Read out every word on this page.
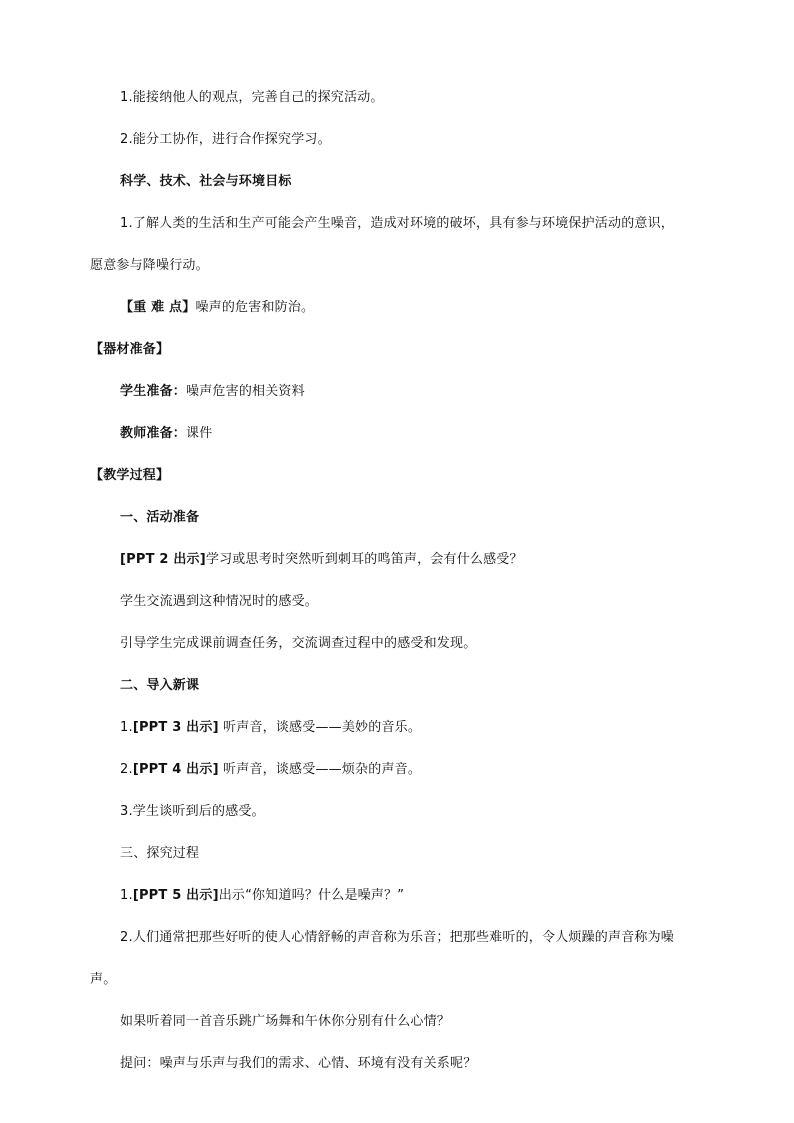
1.能接纳他人的观点，完善自己的探究活动。
2.能分工协作，进行合作探究学习。
科学、技术、社会与环境目标
1.了解人类的生活和生产可能会产生噪音，造成对环境的破坏，具有参与环境保护活动的意识，
愿意参与降噪行动。
【重 难 点】噪声的危害和防治。
【器材准备】
学生准备：噪声危害的相关资料
教师准备：课件
【教学过程】
一、活动准备
[PPT 2 出示]学习或思考时突然听到刺耳的鸣笛声，会有什么感受？
学生交流遇到这种情况时的感受。
引导学生完成课前调查任务，交流调查过程中的感受和发现。
二、导入新课
1.[PPT 3 出示] 听声音，谈感受——美妙的音乐。
2.[PPT 4 出示] 听声音，谈感受——烦杂的声音。
3.学生谈听到后的感受。
三、探究过程
1.[PPT 5 出示]出示“你知道吗？什么是噪声？”
2.人们通常把那些好听的使人心情舒畅的声音称为乐音；把那些难听的，令人烦躁的声音称为噪
声。
如果听着同一首音乐跳广场舞和午休你分别有什么心情？
提问：噪声与乐声与我们的需求、心情、环境有没有关系呢？
